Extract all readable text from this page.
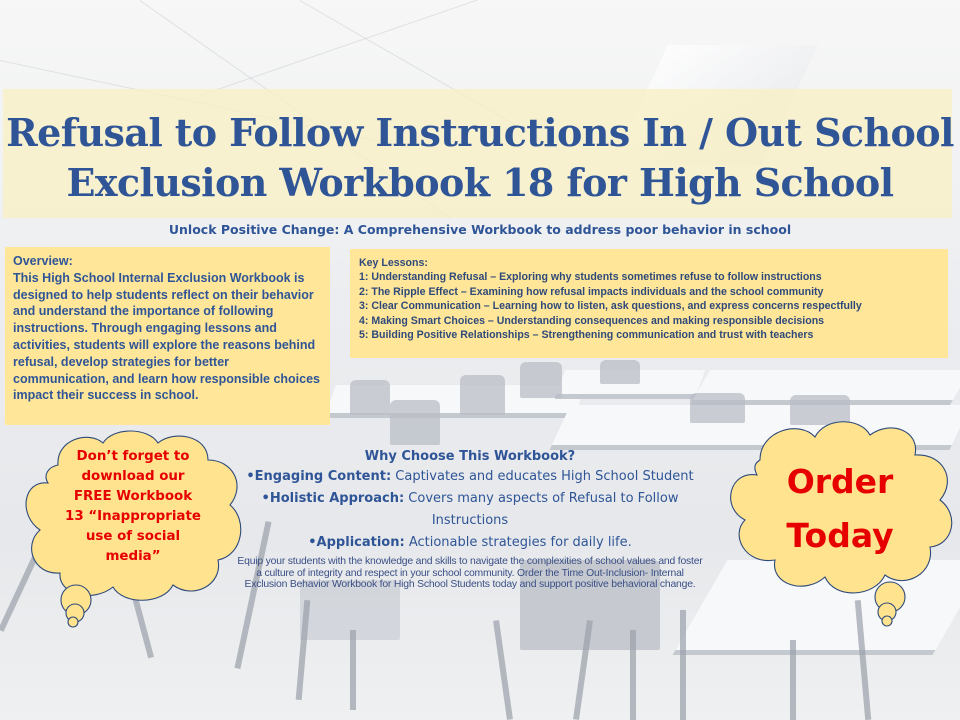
Refusal to Follow Instructions In / Out School
Exclusion Workbook 18 for High School
Unlock Positive Change: A Comprehensive Workbook to address poor behavior in school
Overview:
This High School Internal Exclusion Workbook is designed to help students reflect on their behavior and understand the importance of following instructions. Through engaging lessons and activities, students will explore the reasons behind refusal, develop strategies for better communication, and learn how responsible choices impact their success in school.
Key Lessons:
1: Understanding Refusal – Exploring why students sometimes refuse to follow instructions
2: The Ripple Effect – Examining how refusal impacts individuals and the school community
3: Clear Communication – Learning how to listen, ask questions, and express concerns respectfully
4: Making Smart Choices – Understanding consequences and making responsible decisions
5: Building Positive Relationships – Strengthening communication and trust with teachers
Why Choose This Workbook?
•Engaging Content: Captivates and educates High School Student
•Holistic Approach: Covers many aspects of Refusal to Follow Instructions
•Application: Actionable strategies for daily life.
Equip your students with the knowledge and skills to navigate the complexities of school values and foster a culture of integrity and respect in your school community. Order the Time Out-Inclusion- Internal Exclusion Behavior Workbook for High School Students today and support positive behavioral change.
Don’t forget to
download our
FREE Workbook
13 “Inappropriate
use of social
media”
Order
Today
